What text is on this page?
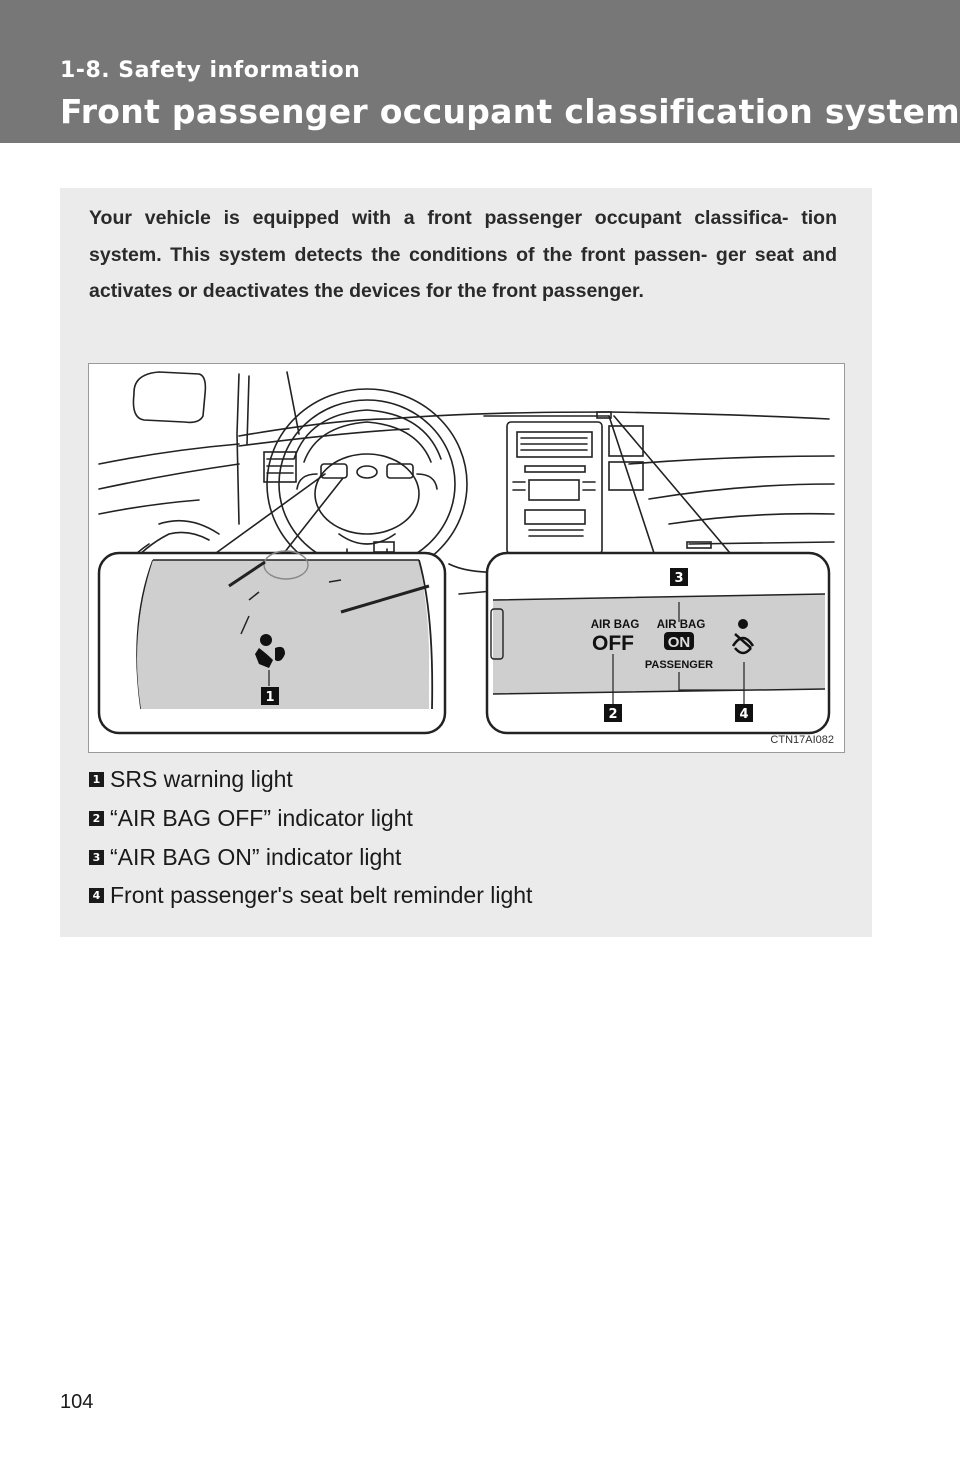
1-8. Safety information
Front passenger occupant classification system

Your vehicle is equipped with a front passenger occupant classifica- tion system. This system detects the conditions of the front passen- ger seat and activates or deactivates the devices for the front passenger.

1
AIR BAG
OFF
AIR BAG
ON
PASSENGER
3
2	4
CTN17AI082
1 SRS warning light
2 “AIR BAG OFF” indicator light
3 “AIR BAG ON” indicator light
4 Front passenger's seat belt reminder light
104
